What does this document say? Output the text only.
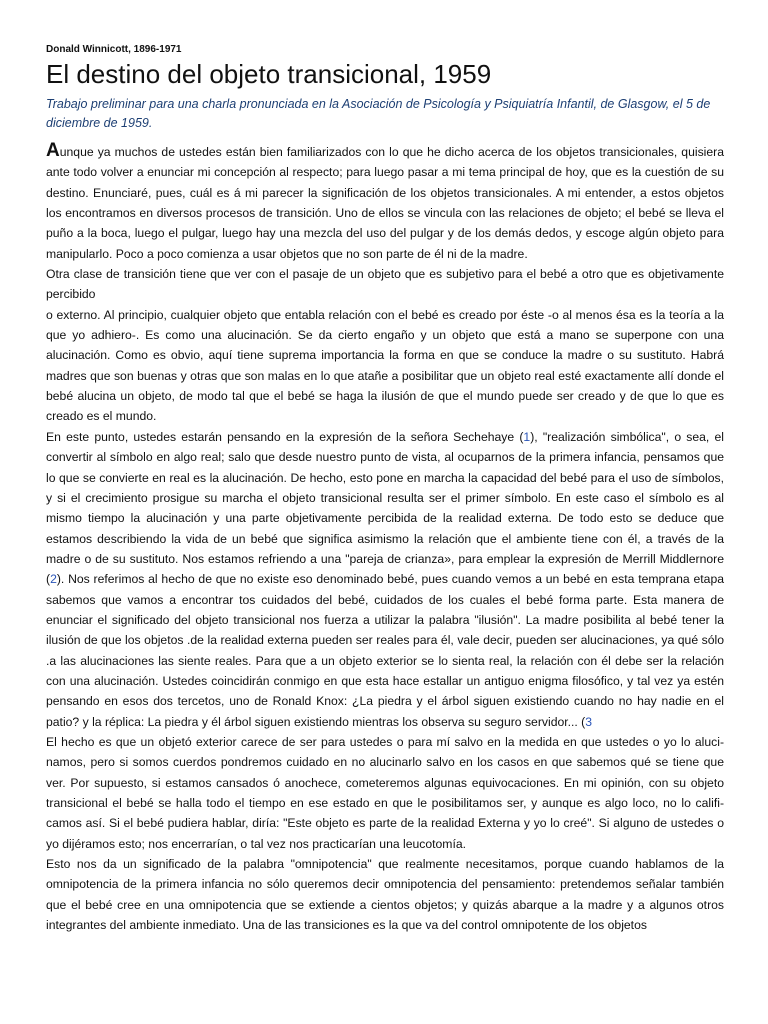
Donald Winnicott, 1896-1971
El destino del objeto transicional, 1959
Trabajo preliminar para una charla pronunciada en la Asociación de Psicología y Psiquiatría Infantil, de Glasgow, el 5 de diciembre de 1959.

Aunque ya muchos de ustedes están bien familiarizados con lo que he dicho acerca de los objetos transicionales, quisiera ante todo volver a enunciar mi concepción al respecto; para luego pasar a mi tema principal de hoy, que es la cuestión de su destino. Enunciaré, pues, cuál es á mi parecer la significación de los objetos transicionales. A mi entender, a estos objetos los encontramos en diversos procesos de transición. Uno de ellos se vincula con las relaciones de objeto; el bebé se lleva el puño a la boca, luego el pulgar, luego hay una mezcla del uso del pulgar y de los demás dedos, y escoge algún objeto para manipularlo. Poco a poco comienza a usar objetos que no son parte de él ni de la madre.

Otra clase de transición tiene que ver con el pasaje de un objeto que es subjetivo para el bebé a otro que es objetivamente percibido

o externo. Al principio, cualquier objeto que entabla relación con el bebé es creado por éste -o al menos ésa es la teoría a la que yo adhiero-. Es como una alucinación. Se da cierto engaño y un objeto que está a mano se superpone con una alucinación. Como es obvio, aquí tiene suprema importancia la forma en que se conduce la madre o su sustituto. Habrá madres que son buenas y otras que son malas en lo que atañe a posibilitar que un objeto real esté exactamente allí donde el bebé alucina un objeto, de modo tal que el bebé se haga la ilusión de que el mundo puede ser creado y de que lo que es creado es el mundo.

En este punto, ustedes estarán pensando en la expresión de la señora Sechehaye (1), "realización simbólica", o sea, el convertir al símbolo en algo real; salo que desde nuestro punto de vista, al ocuparnos de la primera infancia, pensamos que lo que se convierte en real es la alucinación. De hecho, esto pone en marcha la capacidad del bebé para el uso de símbolos, y si el crecimiento prosigue su marcha el objeto transicional resulta ser el primer símbolo. En este caso el símbolo es al mismo tiempo la alucinación y una parte objetivamente percibida de la realidad externa. De todo esto se deduce que estamos describiendo la vida de un bebé que significa asimismo la relación que el ambiente tiene con él, a través de la madre o de su sustituto. Nos estamos refriendo a una "pareja de crianza», para emplear la expresión de Merrill Middlernore (2). Nos referimos al hecho de que no existe eso denominado bebé, pues cuando vemos a un bebé en esta temprana etapa sabemos que vamos a encontrar tos cuidados del bebé, cuidados de los cuales el bebé forma parte. Esta manera de enunciar el significado del objeto transicional nos fuerza a utilizar la palabra "ilusión". La madre posibilita al bebé tener la ilusión de que los objetos .de la realidad externa pueden ser reales para él, vale decir, pueden ser alucinaciones, ya qué sólo .a las alucinaciones las siente reales. Para que a un objeto exterior se lo sienta real, la relación con él debe ser la relación con una alucinación. Ustedes coincidirán conmigo en que esta hace estallar un antiguo enigma filosófico, y tal vez ya estén pensando en esos dos tercetos, uno de Ronald Knox: ¿La piedra y el árbol siguen existiendo cuando no hay nadie en el patio? y la réplica: La piedra y él árbol siguen existiendo mientras los observa su seguro servidor... (3

El hecho es que un objetó exterior carece de ser para ustedes o para mí salvo en la medida en que ustedes o yo lo alucinamos, pero si somos cuerdos pondremos cuidado en no alucinarlo salvo en los casos en que sabemos qué se tiene que ver. Por supuesto, si estamos cansados ó anochece, cometeremos algunas equivocaciones. En mi opinión, con su objeto transicional el bebé se halla todo el tiempo en ese estado en que le posibilitamos ser, y aunque es algo loco, no lo calificamos así. Si el bebé pudiera hablar, diría: "Este objeto es parte de la realidad Externa y yo lo creé". Si alguno de ustedes o yo dijéramos esto; nos encerrarían, o tal vez nos practicarían una leucotomía.

Esto nos da un significado de la palabra "omnipotencia" que realmente necesitamos, porque cuando hablamos de la omnipotencia de la primera infancia no sólo queremos decir omnipotencia del pensamiento: pretendemos señalar también que el bebé cree en una omnipotencia que se extiende a cientos objetos; y quizás abarque a la madre y a algunos otros integrantes del ambiente inmediato. Una de las transiciones es la que va del control omnipotente de los objetos
